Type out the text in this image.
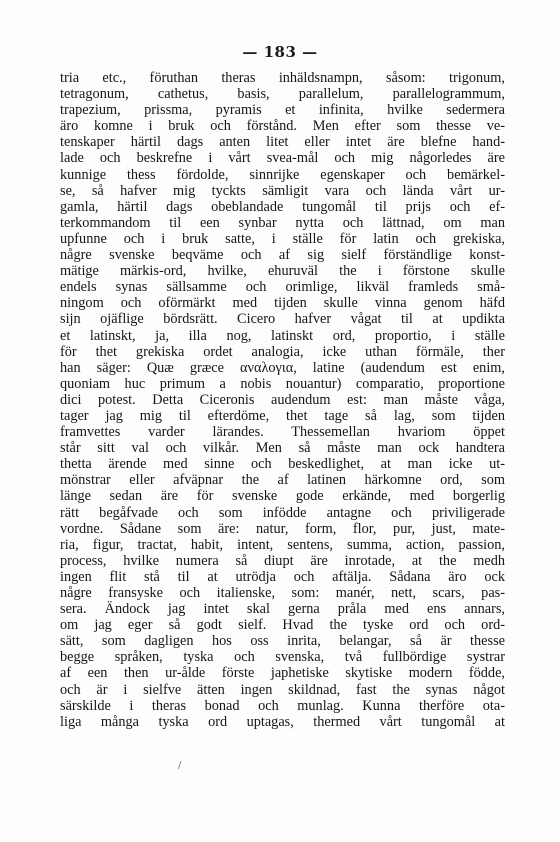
— 183 —
tria etc., föruthan theras inhäldsnampn, såsom: trigonum,
tetragonum, cathetus, basis, parallelum, parallelogrammum,
trapezium, prissma, pyramis et infinita, hvilke sedermera
äro komne i bruk och förstånd. Men efter som thesse ve-
tenskaper härtil dags anten litet eller intet äre blefne hand-
lade och beskrefne i vårt svea-mål och mig någorledes äre
kunnige thess fördolde, sinnrijke egenskaper och bemärkel-
se, så hafver mig tyckts sämligit vara och lända vårt ur-
gamla, härtil dags obeblandade tungomål til prijs och ef-
terkommandom til een synbar nytta och lättnad, om man
upfunne och i bruk satte, i ställe för latin och grekiska,
någre svenske beqväme och af sig sielf förständlige konst-
mätige märkis-ord, hvilke, ehuruväl the i förstone skulle
endels synas sällsamme och orimlige, likväl framleds små-
ningom och oförmärkt med tijden skulle vinna genom häfd
sijn ojäflige bördsrätt. Cicero hafver vågat til at updikta
et latinskt, ja, illa nog, latinskt ord, proportio, i ställe
för thet grekiska ordet analogia, icke uthan förmäle, ther
han säger: Quæ græce αναλογια, latine (audendum est enim,
quoniam huc primum a nobis nouantur) comparatio, proportione
dici potest. Detta Ciceronis audendum est: man måste våga,
tager jag mig til efterdöme, thet tage så lag, som tijden
framvettes varder lärandes. Thessemellan hvariom öppet
står sitt val och vilkår. Men så måste man ock handtera
thetta ärende med sinne och beskedlighet, at man icke ut-
mönstrar eller afväpnar the af latinen härkomne ord, som
länge sedan äre för svenske gode erkände, med borgerlig
rätt begåfvade och som infödde antagne och priviligerade
vordne. Sådane som äre: natur, form, flor, pur, just, mate-
ria, figur, tractat, habit, intent, sentens, summa, action, passion,
process, hvilke numera så diupt äre inrotade, at the medh
ingen flit stå til at utrödja och aftälja. Sådana äro ock
någre fransyske och italienske, som: manér, nett, scars, pas-
sera. Ändock jag intet skal gerna pråla med ens annars,
om jag eger så godt sielf. Hvad the tyske ord och ord-
sätt, som dagligen hos oss inrita, belangar, så är thesse
begge språken, tyska och svenska, två fullbördige systrar
af een then ur-ålde förste japhetiske skytiske modern födde,
och är i sielfve ätten ingen skildnad, fast the synas något
särskilde i theras bonad och munlag. Kunna therföre ota-
liga många tyska ord uptagas, thermed vårt tungomål at
/
